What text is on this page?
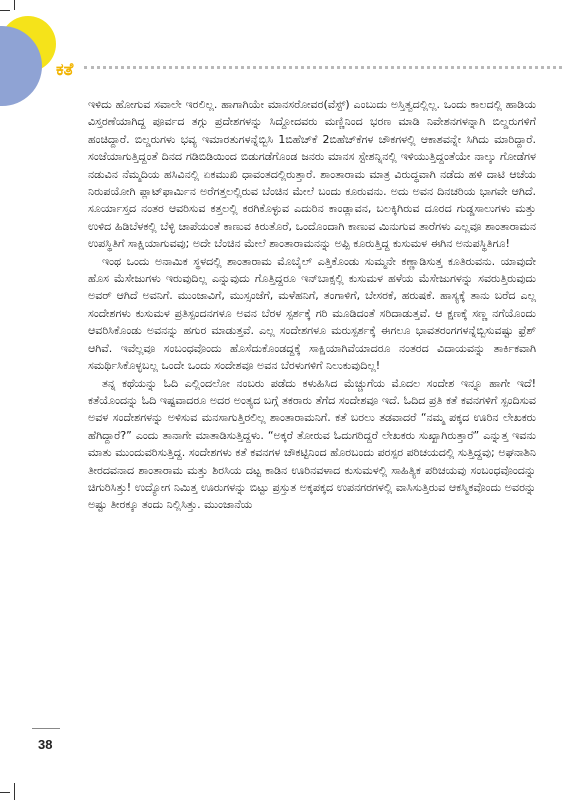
ಕತೆ

ಇಳಿದು ಹೋಗುವ ಸವಾಲೇ ಇರಲಿಲ್ಲ. ಹಾಗಾಗಿಯೇ ಮಾನಸರೋವರ(ವೆಸ್ಟ್) ಎಂಬುದು ಅಸ್ತಿತ್ವದಲ್ಲಿಲ್ಲ. ಒಂದು ಕಾಲದಲ್ಲಿ ಹಾಡಿಯ ವಿಸ್ತರಣೆಯಾಗಿದ್ದ ಪೂರ್ವದ ತಗ್ಗು ಪ್ರದೇಶಗಳನ್ನು ಸಿದ್ದೋದವರು ಮಣ್ಣಿನಿಂದ ಭರಣ ಮಾಡಿ ನಿವೇಶನಗಳನ್ನಾಗಿ ಬಿಲ್ಡರುಗಳಿಗೆ ಹಂಚಿದ್ದಾರೆ. ಬಿಲ್ಡರುಗಳು ಭವ್ಯ ಇಮಾರತುಗಳನ್ನೆಬ್ಬಿಸಿ 1ಬಿಹೆಚ್‌ಕೆ 2ಬಿಹೆಚ್‌ಕೆಗಳ ಚೌಕಗಳಲ್ಲಿ ಆಕಾಶವನ್ನೇ ಸಿಗಿದು ಮಾರಿದ್ದಾರೆ. ಸಂಜೆಯಾಗುತ್ತಿದ್ದಂತೆ ದಿನದ ಗಡಿಬಿಡಿಯಿಂದ ಬಿಡುಗಡೆಗೊಂಡ ಜನರು ಮಾನಸ ಸ್ಟೇಶನ್ನಿನಲ್ಲಿ ಇಳಿಯುತ್ತಿದ್ದಂತೆಯೇ ನಾಲ್ಕು ಗೋಡೆಗಳ ನಡುವಿನ ನೆಮ್ಮದಿಯ ಹಸಿವಿನಲ್ಲಿ ಏಕಮುಖಿ ಧಾವಂತದಲ್ಲಿರುತ್ತಾರೆ. ಶಾಂತಾರಾಮ ಮಾತ್ರ ವಿರುದ್ಧವಾಗಿ ನಡೆದು ಹಳಿ ದಾಟಿ ಆಚೆಯ ನಿರುಪಯೋಗಿ ಪ್ಲಾಟ್‌ಫಾರ್ಮಿನ ಅರೆಗತ್ತಲಲ್ಲಿರುವ ಬೆಂಚಿನ ಮೇಲೆ ಬಂದು ಕೂರುವನು. ಅದು ಅವನ ದಿನಚರಿಯ ಭಾಗವೇ ಆಗಿದೆ. ಸೂರ್ಯಾಸ್ತದ ನಂತರ ಆವರಿಸುವ ಕತ್ತಲಲ್ಲಿ ಕರಗಿಕೊಳ್ಳುವ ಎದುರಿನ ಕಾಂಡ್ಲಾವನ, ಬಲಕ್ಕಿಗಿರುವ ದೂರದ ಗುಡ್ಡಸಾಲುಗಳು ಮತ್ತು ಉಳಿದ ಹಿಡಿಬೆಳಕಲ್ಲಿ ಬೆಳ್ಳಿ ಚಾಪೆಯಂತೆ ಕಾಣುವ ಕಿರುತೊರೆ, ಒಂದೊಂದಾಗಿ ಕಾಣುವ ಮಿನುಗುವ ತಾರೆಗಳು ಎಲ್ಲವೂ ಶಾಂತಾರಾಮನ ಉಪಸ್ಥಿತಿಗೆ ಸಾಕ್ಷಿಯಾಗುವವು; ಅದೇ ಬೆಂಚಿನ ಮೇಲೆ ಶಾಂತಾರಾಮನನ್ನು ಅಪ್ಪಿ ಕೂರುತ್ತಿದ್ದ ಕುಸುಮಳ ಈಗಿನ ಅನುಪಸ್ಥಿತಿಗೂ!

ಇಂಥ ಒಂದು ಅನಾಮಿಕ ಸ್ಥಳದಲ್ಲಿ ಶಾಂತಾರಾಮ ಮೊಬೈಲ್ ಎತ್ತಿಕೊಂಡು ಸುಮ್ಮನೇ ಕಣ್ಣಾಡಿಸುತ್ತ ಕೂತಿರುವನು. ಯಾವುದೇ ಹೊಸ ಮೆಸೇಜುಗಳು ಇರುವುದಿಲ್ಲ ಎನ್ನುವುದು ಗೊತ್ತಿದ್ದರೂ ಇನ್‌ಬಾಕ್ಸಲ್ಲಿ ಕುಸುಮಳ ಹಳೆಯ ಮೆಸೇಜುಗಳನ್ನು ಸವರುತ್ತಿರುವುದು ಅವರ್‌ ಆಗಿದೆ ಅವನಿಗೆ. ಮುಂಜಾವಿಗೆ, ಮುಸ್ಸಂಜೆಗೆ, ಮಳೆಹನಿಗೆ, ತಂಗಾಳಿಗೆ, ಬೇಸರಕೆ, ಹರುಷಕೆ. ಹಾಸ್ಯಕ್ಕೆ ತಾನು ಬರೆದ ಎಲ್ಲ ಸಂದೇಶಗಳು ಕುಸುಮಳ ಪ್ರತಿಸ್ಪಂದನಗಳೂ ಅವನ ಬೆರಳ ಸ್ಪರ್ಶಕ್ಕೆ ಗರಿ ಮೂಡಿದಂತೆ ಸರಿದಾಡುತ್ತವೆ. ಆ ಕ್ಷಣಕ್ಕೆ ಸಣ್ಣ ನಗೆಯೊಂದು ಆವರಿಸಿಕೊಂಡು ಅವನನ್ನು ಹಗುರ ಮಾಡುತ್ತವೆ. ಎಲ್ಲ ಸಂದೇಶಗಳೂ ಮರುಸ್ಪರ್ಶಕ್ಕೆ ಈಗಲೂ ಭಾವತರಂಗಗಳನ್ನೆಬ್ಬಿಸುವಷ್ಟು ಫ್ರೆಶ್ ಆಗಿವೆ. ಇವೆಲ್ಲವೂ ಸಂಬಂಧವೊಂದು ಹೊಸೆದುಕೊಂಡದ್ದಕ್ಕೆ ಸಾಕ್ಷಿಯಾಗಿವೆಯಾದರೂ ನಂತರದ ವಿದಾಯವನ್ನು ತಾರ್ಕಿಕವಾಗಿ ಸಮರ್ಥಿಸಿಕೊಳ್ಳಬಲ್ಲ ಒಂದೇ ಒಂದು ಸಂದೇಶವೂ ಅವನ ಬೆರಳುಗಳಿಗೆ ನಿಲುಕುವುದಿಲ್ಲ!

ತನ್ನ ಕಥೆಯನ್ನು ಓದಿ ಎಲ್ಲಿಂದಲೋ ನಂಬರು ಪಡೆದು ಕಳುಹಿಸಿದ ಮೆಚ್ಚುಗೆಯ ಮೊದಲ ಸಂದೇಶ ಇನ್ನೂ ಹಾಗೇ ಇದೆ! ಕತೆಯೊಂದನ್ನು ಓದಿ ಇಷ್ಟವಾದರೂ ಅದರ ಅಂತ್ಯದ ಬಗ್ಗೆ ತಕರಾರು ತೆಗೆದ ಸಂದೇಶವೂ ಇದೆ. ಓದಿದ ಪ್ರತಿ ಕತೆ ಕವನಗಳಿಗೆ ಸ್ಪಂದಿಸುವ ಅವಳ ಸಂದೇಶಗಳನ್ನು ಅಳಿಸುವ ಮನಸಾಗುತ್ತಿರಲಿಲ್ಲ ಶಾಂತಾರಾಮನಿಗೆ. ಕತೆ ಬರಲು ತಡವಾದರೆ “ನಮ್ಮ ಪಕ್ಕದ ಊರಿನ ಲೇಖಕರು ಹೆಗಿದ್ದಾರೆ?” ಎಂದು ತಾನಾಗೇ ಮಾತಾಡಿಸುತ್ತಿದ್ದಳು. “ಅಕ್ಕರೆ ತೋರುವ ಓದುಗರಿದ್ದರೆ ಲೇಖಕರು ಸುಖ್ಖಾಗಿರುತ್ತಾರೆ” ಎನ್ನುತ್ತ ಇವನು ಮಾತು ಮುಂದುವರಿಸುತ್ತಿದ್ದ. ಸಂದೇಶಗಳು ಕತೆ ಕವನಗಳ ಚೌಕಟ್ಟಿನಿಂದ ಹೊರಬಂದು ಪರಸ್ಪರ ಪರಿಚಯದಲ್ಲಿ ಸುತ್ತಿದ್ದವು; ಅಘನಾಶಿನಿ ತೀರದವನಾದ ಶಾಂತಾರಾಮ ಮತ್ತು ಶಿರಸಿಯ ದಟ್ಟ ಕಾಡಿನ ಊರಿನವಳಾದ ಕುಸುಮಳಲ್ಲಿ ಸಾಹಿತ್ಯಿಕ ಪರಿಚಯವು ಸಂಬಂಧವೊಂದನ್ನು ಚಿಗುರಿಸಿತ್ತು! ಉದ್ಯೋಗ ನಿಮಿತ್ತ ಊರುಗಳನ್ನು ಬಿಟ್ಟು ಪ್ರಸ್ತುತ ಅಕ್ಕಪಕ್ಕದ ಉಪನಗರಗಳಲ್ಲಿ ವಾಸಿಸುತ್ತಿರುವ ಆಕಸ್ಮಿಕವೊಂದು ಅವರನ್ನು ಅಷ್ಟು ತೀರಕ್ಕೂ ತಂದು ನಿಲ್ಲಿಸಿತ್ತು. ಮುಂಜಾನೆಯ

38
